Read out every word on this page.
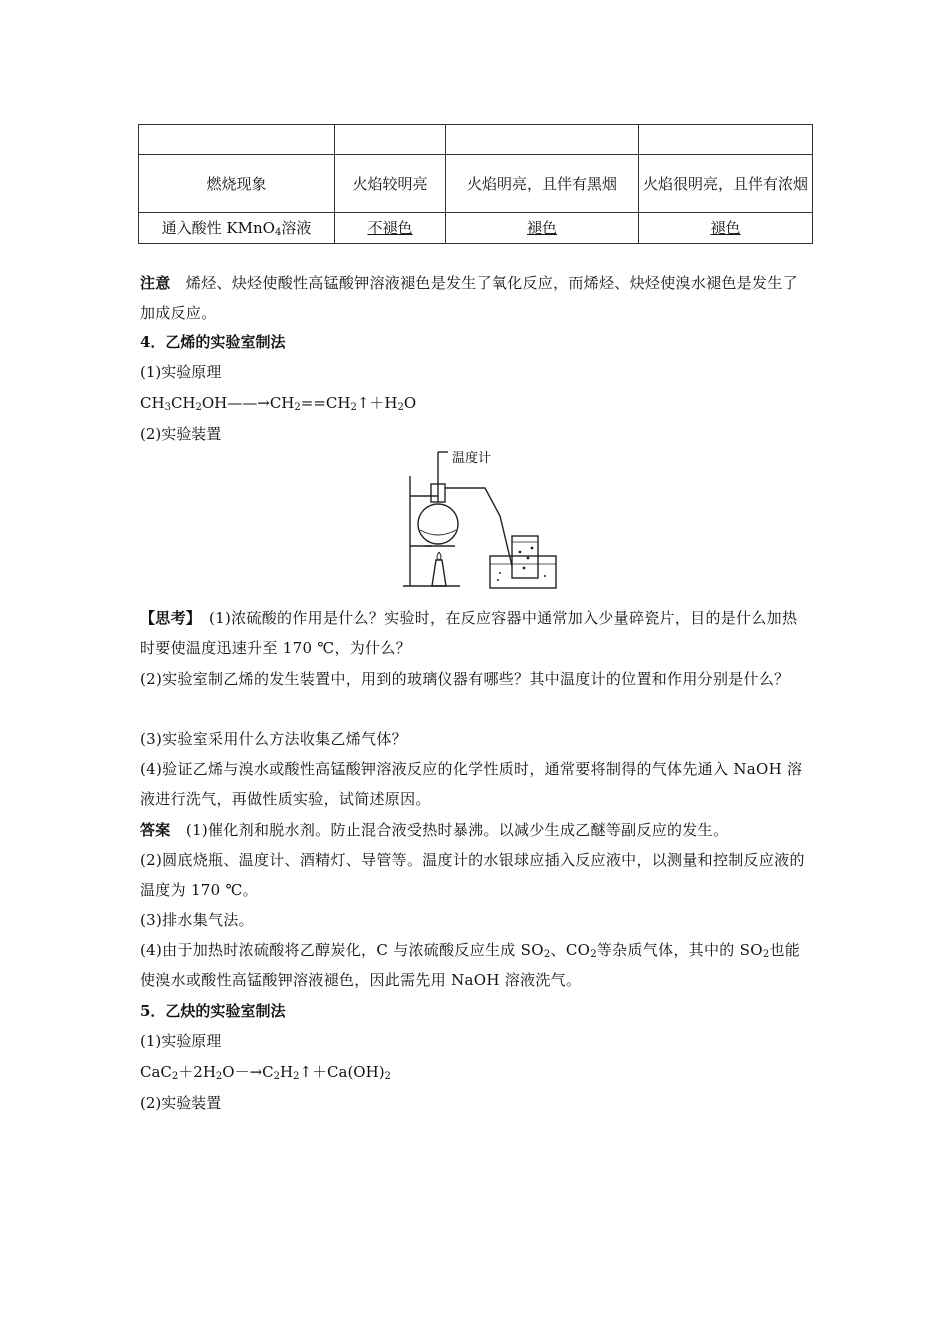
燃烧现象	火焰较明亮	火焰明亮，且伴有黑烟	火焰很明亮，且伴有浓烟
通入酸性 KMnO$_4$溶液	不褪色	褪色	褪色
注意　烯烃、炔烃使酸性高锰酸钾溶液褪色是发生了氧化反应，而烯烃、炔烃使溴水褪色是发生了加成反应。
4．乙烯的实验室制法
(1)实验原理
$CH_3CH_2OH——\to CH_2==CH_2↑+H_2O$
(2)实验装置
温度计
【思考】　(1)浓硫酸的作用是什么？实验时，在反应容器中通常加入少量碎瓷片，目的是什么加热时要使温度迅速升至 170 ℃，为什么？
(2)实验室制乙烯的发生装置中，用到的玻璃仪器有哪些？其中温度计的位置和作用分别是什么？
(3)实验室采用什么方法收集乙烯气体？
(4)验证乙烯与溴水或酸性高锰酸钾溶液反应的化学性质时，通常要将制得的气体先通入 NaOH 溶液进行洗气，再做性质实验，试简述原因。
答案　(1)催化剂和脱水剂。防止混合液受热时暴沸。以减少生成乙醚等副反应的发生。
(2)圆底烧瓶、温度计、酒精灯、导管等。温度计的水银球应插入反应液中，以测量和控制反应液的温度为 170 ℃。
(3)排水集气法。
(4)由于加热时浓硫酸将乙醇炭化，C 与浓硫酸反应生成 $SO_2$、$CO_2$等杂质气体，其中的 $SO_2$也能使溴水或酸性高锰酸钾溶液褪色，因此需先用 NaOH 溶液洗气。
5．乙炔的实验室制法
(1)实验原理
$CaC_2+2H_2O-\to C_2H_2↑+Ca(OH)_2$
(2)实验装置
